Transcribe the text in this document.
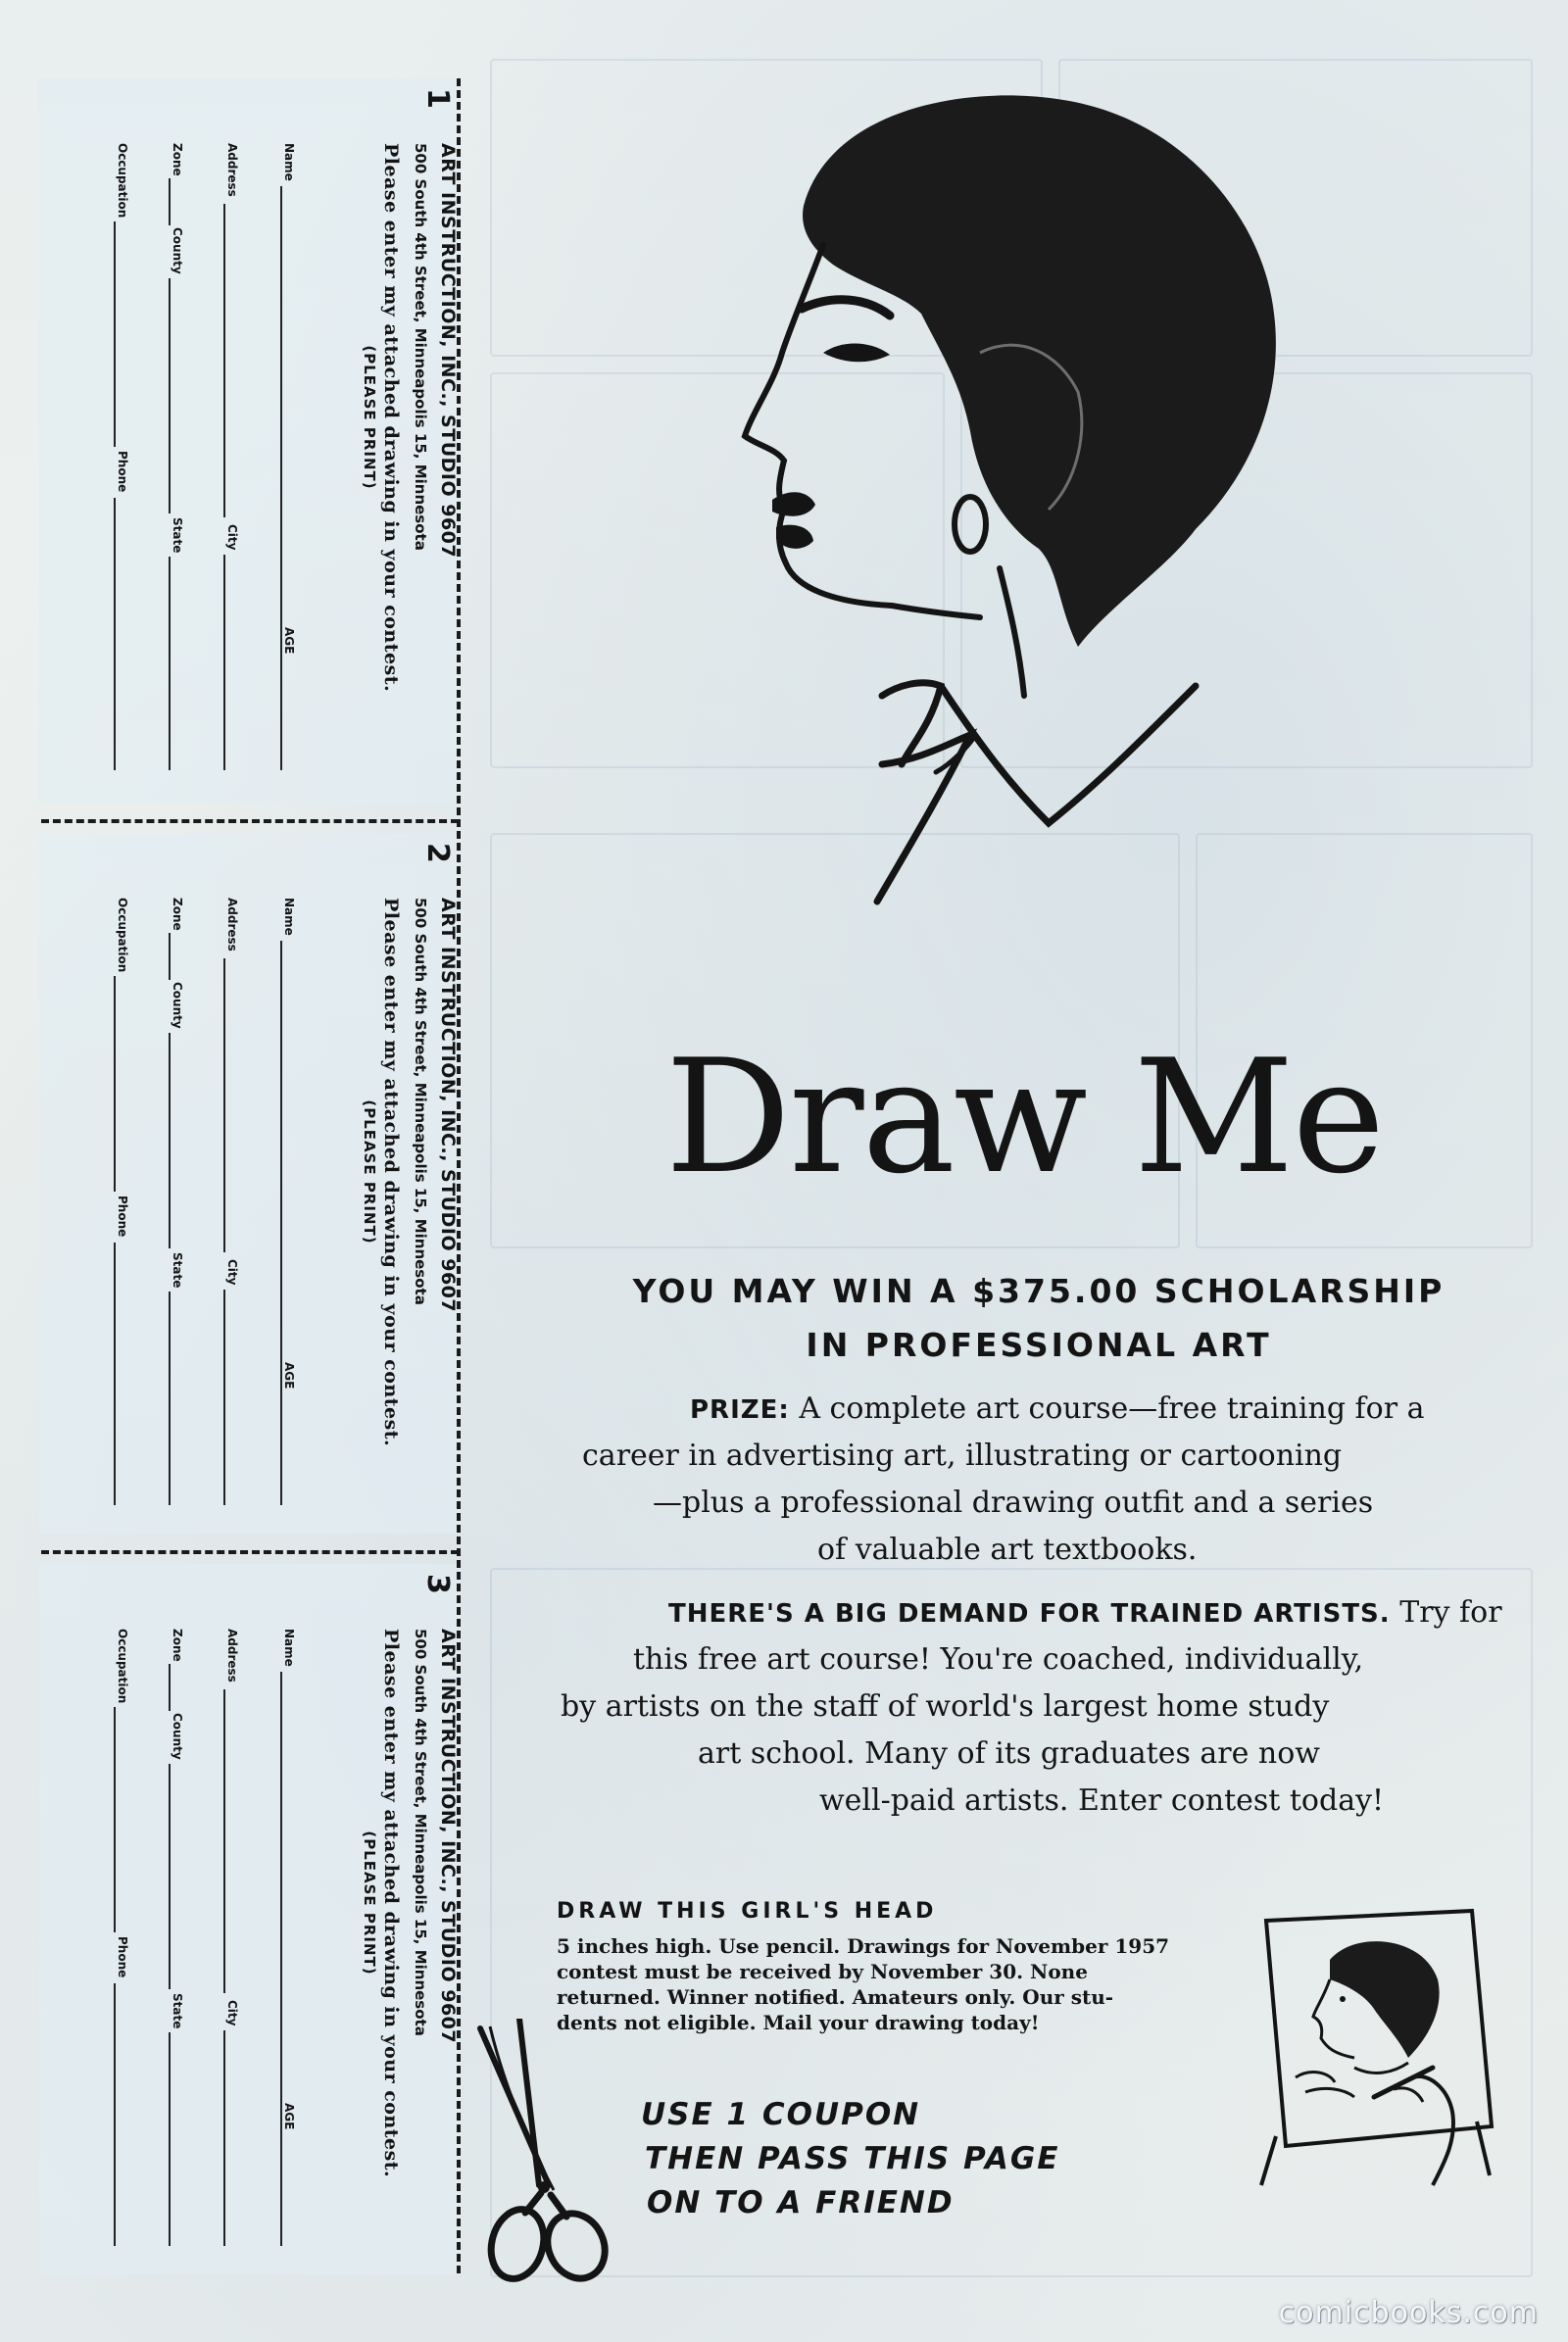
1
ART INSTRUCTION, INC., STUDIO 9607
500 South 4th Street, Minneapolis 15, Minnesota
Please enter my attached drawing in your contest.
(PLEASE PRINT)
Name
AGE
Address
City
Zone
County
State
Occupation
Phone
2
ART INSTRUCTION, INC., STUDIO 9607
500 South 4th Street, Minneapolis 15, Minnesota
Please enter my attached drawing in your contest.
(PLEASE PRINT)
Name
AGE
Address
City
Zone
County
State
Occupation
Phone
3
ART INSTRUCTION, INC., STUDIO 9607
500 South 4th Street, Minneapolis 15, Minnesota
Please enter my attached drawing in your contest.
(PLEASE PRINT)
Name
AGE
Address
City
Zone
County
State
Occupation
Phone
Draw Me
YOU MAY WIN A $375.00 SCHOLARSHIP
IN PROFESSIONAL ART
PRIZE: A complete art course—free training for a
career in advertising art, illustrating or cartooning
—plus a professional drawing outfit and a series
of valuable art textbooks.
THERE'S A BIG DEMAND FOR TRAINED ARTISTS. Try for
this free art course! You're coached, individually,
by artists on the staff of world's largest home study
art school. Many of its graduates are now
well-paid artists. Enter contest today!
DRAW THIS GIRL'S HEAD
5 inches high. Use pencil. Drawings for November 1957
contest must be received by November 30. None
returned. Winner notified. Amateurs only. Our stu-
dents not eligible. Mail your drawing today!
USE 1 COUPON
THEN PASS THIS PAGE
ON TO A FRIEND
comicbooks.com
